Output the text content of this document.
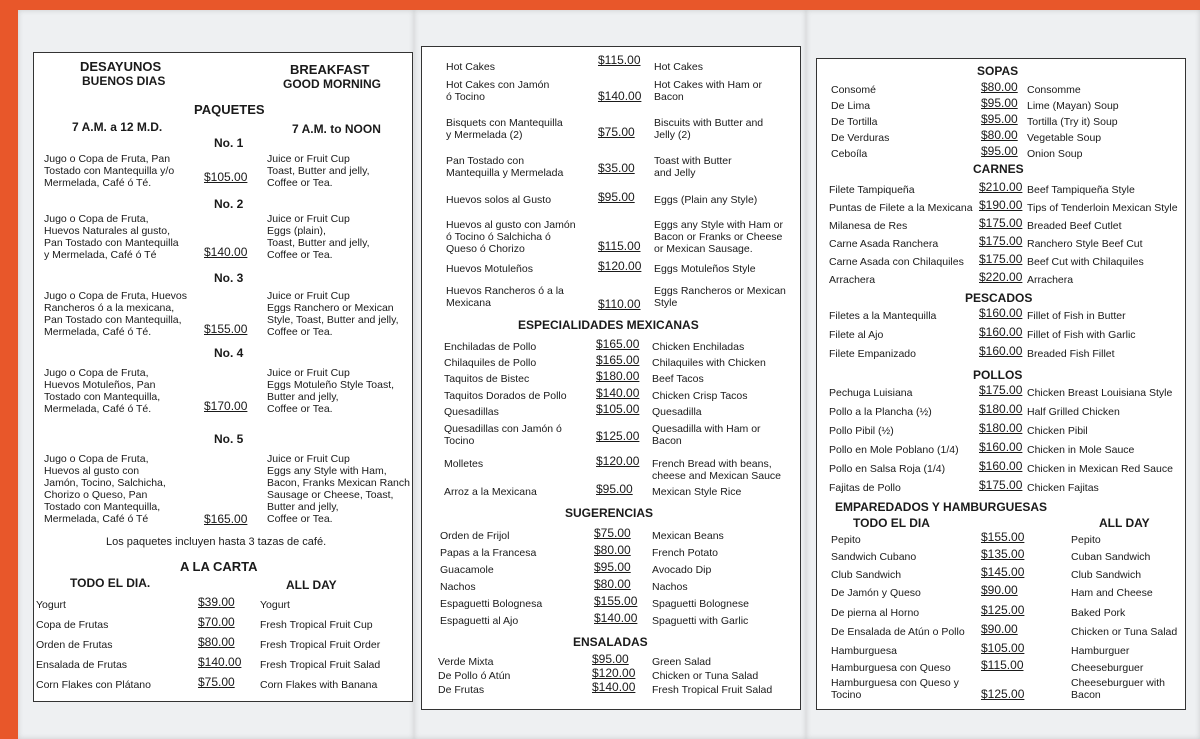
DESAYUNOS
BUENOS DIAS
BREAKFAST
GOOD MORNING
PAQUETES
7 A.M. a 12 M.D.	7 A.M. to NOON
No. 1
Jugo o Copa de Fruta, Pan
Tostado con Mantequilla y/o
Mermelada, Café ó Té.	$105.00
Juice or Fruit Cup
Toast, Butter and jelly,
Coffee or Tea.
No. 2
Jugo o Copa de Fruta,
Huevos Naturales al gusto,
Pan Tostado con Mantequilla
y Mermelada, Café ó Té	$140.00
Juice or Fruit Cup
Eggs (plain),
Toast, Butter and jelly,
Coffee or Tea.
No. 3
Jugo o Copa de Fruta, Huevos
Rancheros ó a la mexicana,
Pan Tostado con Mantequilla,
Mermelada, Café ó Té.	$155.00
Juice or Fruit Cup
Eggs Ranchero or Mexican
Style, Toast, Butter and jelly,
Coffee or Tea.
No. 4
Jugo o Copa de Fruta,
Huevos Motuleños, Pan
Tostado con Mantequilla,
Mermelada, Café ó Té.	$170.00
Juice or Fruit Cup
Eggs Motuleño Style Toast,
Butter and jelly,
Coffee or Tea.
No. 5
Jugo o Copa de Fruta,
Huevos al gusto con
Jamón, Tocino, Salchicha,
Chorizo o Queso, Pan
Tostado con Mantequilla,
Mermelada, Café ó Té	$165.00
Juice or Fruit Cup
Eggs any Style with Ham,
Bacon, Franks Mexican Ranch
Sausage or Cheese, Toast,
Butter and jelly,
Coffee or Tea.
Los paquetes incluyen hasta 3 tazas de café.
A LA CARTA
TODO EL DIA.	ALL DAY
Yogurt	$39.00 Yogurt
Copa de Frutas	$70.00 Fresh Tropical Fruit Cup
Orden de Frutas	$80.00 Fresh Tropical Fruit Order
Ensalada de Frutas	$140.00 Fresh Tropical Fruit Salad
Corn Flakes con Plátano	$75.00 Corn Flakes with Banana
Hot Cakes	$115.00 Hot Cakes
Hot Cakes con Jamón
ó Tocino	$140.00
Hot Cakes with Ham or
Bacon
Bisquets con Mantequilla
y Mermelada (2)	$75.00
Biscuits with Butter and
Jelly (2)
Pan Tostado con
Mantequilla y Mermelada	$35.00 Toast with Butter
and Jelly
Huevos solos al Gusto	$95.00 Eggs (Plain any Style)
Huevos al gusto con Jamón
ó Tocino ó Salchicha ó
Queso ó Chorizo	$115.00
Eggs any Style with Ham or
Bacon or Franks or Cheese
or Mexican Sausage.
Huevos Motuleños	$120.00 Eggs Motuleños Style
Huevos Rancheros ó a la
Mexicana	$110.00
Eggs Rancheros or Mexican
Style
ESPECIALIDADES MEXICANAS
Enchiladas de Pollo	$165.00 Chicken Enchiladas
Chilaquiles de Pollo	$165.00 Chilaquiles with Chicken
Taquitos de Bistec	$180.00 Beef Tacos
Taquitos Dorados de Pollo $140.00 Chicken Crisp Tacos
Quesadillas	$105.00 Quesadilla
Quesadillas con Jamón ó
Tocino	$125.00 Quesadilla with Ham or
Bacon
Molletes	$120.00 French Bread with beans,
cheese and Mexican Sauce
Arroz a la Mexicana	$95.00 Mexican Style Rice
SUGERENCIAS
Orden de Frijol	$75.00 Mexican Beans
Papas a la Francesa	$80.00 French Potato
Guacamole	$95.00 Avocado Dip
Nachos	$80.00 Nachos
Espaguetti Bolognesa	$155.00 Spaguetti Bolognese
Espaguetti al Ajo	$140.00 Spaguetti with Garlic
ENSALADAS
Verde Mixta	$95.00 Green Salad
De Pollo ó Atún	$120.00 Chicken or Tuna Salad
De Frutas	$140.00 Fresh Tropical Fruit Salad
SOPAS
Consomé	$80.00 Consomme
De Lima	$95.00 Lime (Mayan) Soup
De Tortilla	$95.00 Tortilla (Try it) Soup
De Verduras	$80.00 Vegetable Soup
Ceboíla	$95.00 Onion Soup
CARNES
Filete Tampiqueña	$210.00 Beef Tampiqueña Style
Puntas de Filete a la Mexicana $190.00 Tips of Tenderloin Mexican Style
Milanesa de Res	$175.00 Breaded Beef Cutlet
Carne Asada Ranchera	$175.00 Ranchero Style Beef Cut
Carne Asada con Chilaquiles $175.00 Beef Cut with Chilaquiles
Arrachera	$220.00 Arrachera
PESCADOS
Filetes a la Mantequilla	$160.00 Fillet of Fish in Butter
Filete al Ajo	$160.00 Fillet of Fish with Garlic
Filete Empanizado	$160.00 Breaded Fish Fillet
POLLOS
Pechuga Luisiana	$175.00 Chicken Breast Louisiana Style
Pollo a la Plancha (½)	$180.00 Half Grilled Chicken
Pollo Pibil (½)	$180.00 Chicken Pibil
Pollo en Mole Poblano (1/4) $160.00 Chicken in Mole Sauce
Pollo en Salsa Roja (1/4)	$160.00 Chicken in Mexican Red Sauce
Fajitas de Pollo	$175.00 Chicken Fajitas
EMPAREDADOS Y HAMBURGUESAS
TODO EL DIA	ALL DAY
Pepito	$155.00	Pepito
Sandwich Cubano	$135.00	Cuban Sandwich
Club Sandwich	$145.00	Club Sandwich
De Jamón y Queso	$90.00	Ham and Cheese
De pierna al Horno	$125.00	Baked Pork
De Ensalada de Atún o Pollo $90.00	Chicken or Tuna Salad
Hamburguesa	$105.00	Hamburguer
Hamburguesa con Queso	$115.00	Cheeseburguer
Hamburguesa con Queso y
Tocino	$125.00
Cheeseburguer with
Bacon
